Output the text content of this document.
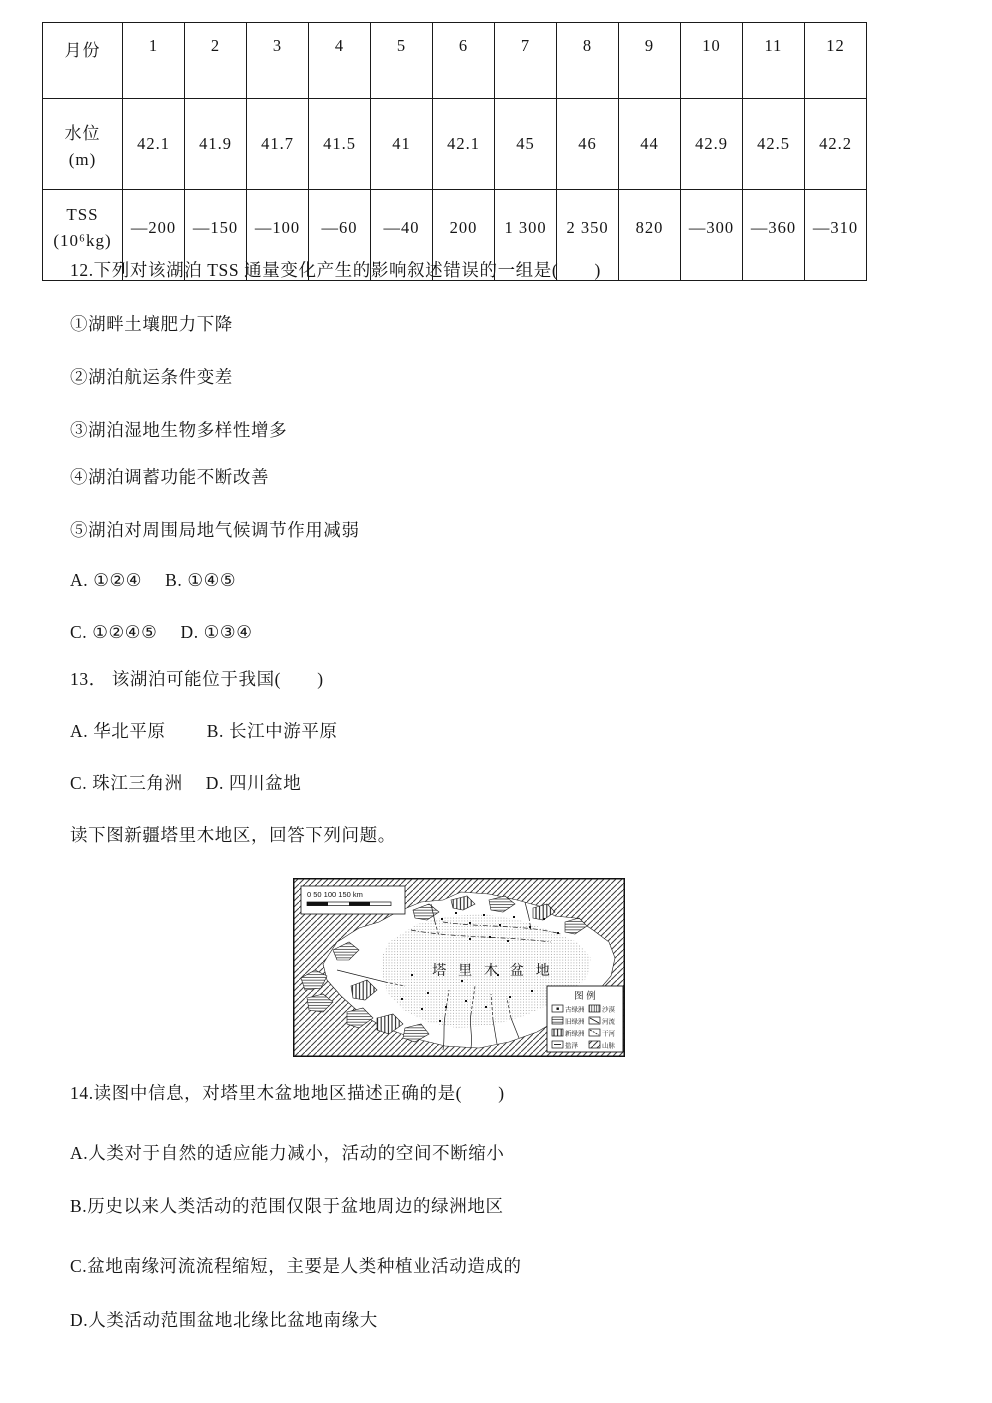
月份	1	2	3	4	5	6	7	8	9	10	11	12

水位
(m)	42.1	41.9	41.7	41.5	41	42.1	45	46	44	42.9	42.5	42.2

TSS
(10⁶kg)	—200	—150	—100	—60	—40	200	1 300	2 350	820	—300	—360	—310
12.下列对该湖泊 TSS 通量变化产生的影响叙述错误的一组是(　　)
①湖畔土壤肥力下降
②湖泊航运条件变差
③湖泊湿地生物多样性增多
④湖泊调蓄功能不断改善
⑤湖泊对周围局地气候调节作用减弱
A. ①②④　 B. ①④⑤
C. ①②④⑤　 D. ①③④
13． 该湖泊可能位于我国(　　)
A. 华北平原　　 B. 长江中游平原
C. 珠江三角洲　 D. 四川盆地
读下图新疆塔里木地区，回答下列问题。
塔 里 木 盆 地
0 50 100 150 km
图 例
古绿洲	沙漠
旧绿洲	河流
新绿洲	干河
盐泽	山脉
14.读图中信息，对塔里木盆地地区描述正确的是(　　)
A.人类对于自然的适应能力减小，活动的空间不断缩小
B.历史以来人类活动的范围仅限于盆地周边的绿洲地区
C.盆地南缘河流流程缩短，主要是人类种植业活动造成的
D.人类活动范围盆地北缘比盆地南缘大
